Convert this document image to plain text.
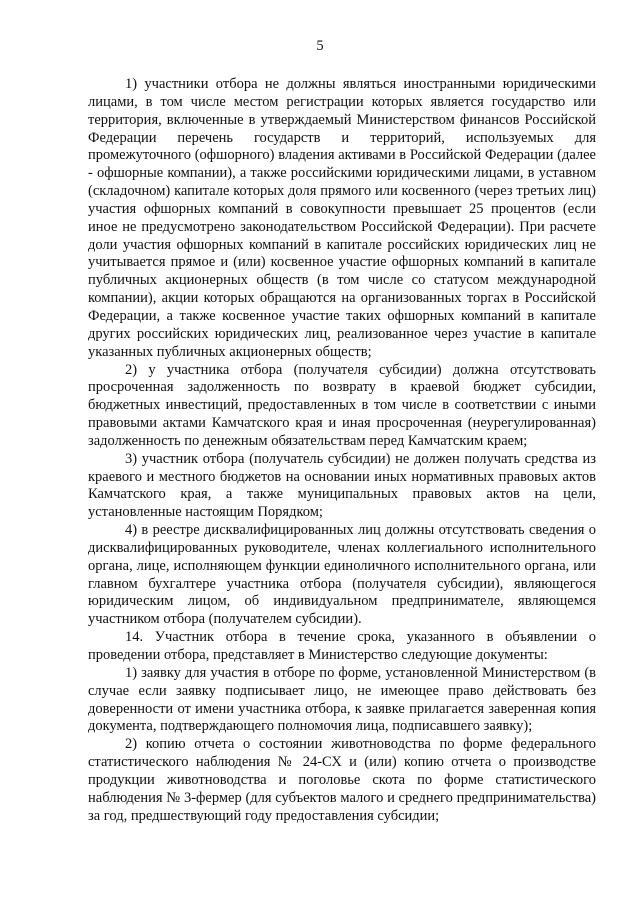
5

1) участники отбора не должны являться иностранными юридическими лицами, в том числе местом регистрации которых является государство или территория, включенные в утверждаемый Министерством финансов Российской Федерации перечень государств и территорий, используемых для промежуточного (офшорного) владения активами в Российской Федерации (далее - офшорные компании), а также российскими юридическими лицами, в уставном (складочном) капитале которых доля прямого или косвенного (через третьих лиц) участия офшорных компаний в совокупности превышает 25 процентов (если иное не предусмотрено законодательством Российской Федерации). При расчете доли участия офшорных компаний в капитале российских юридических лиц не учитывается прямое и (или) косвенное участие офшорных компаний в капитале публичных акционерных обществ (в том числе со статусом международной компании), акции которых обращаются на организованных торгах в Российской Федерации, а также косвенное участие таких офшорных компаний в капитале других российских юридических лиц, реализованное через участие в капитале указанных публичных акционерных обществ;

2) у участника отбора (получателя субсидии) должна отсутствовать просроченная задолженность по возврату в краевой бюджет субсидии, бюджетных инвестиций, предоставленных в том числе в соответствии с иными правовыми актами Камчатского края и иная просроченная (неурегулированная) задолженность по денежным обязательствам перед Камчатским краем;

3) участник отбора (получатель субсидии) не должен получать средства из краевого и местного бюджетов на основании иных нормативных правовых актов Камчатского края, а также муниципальных правовых актов на цели, установленные настоящим Порядком;

4) в реестре дисквалифицированных лиц должны отсутствовать сведения о дисквалифицированных руководителе, членах коллегиального исполнительного органа, лице, исполняющем функции единоличного исполнительного органа, или главном бухгалтере участника отбора (получателя субсидии), являющегося юридическим лицом, об индивидуальном предпринимателе, являющемся участником отбора (получателем субсидии).

14. Участник отбора в течение срока, указанного в объявлении о проведении отбора, представляет в Министерство следующие документы:

1) заявку для участия в отборе по форме, установленной Министерством (в случае если заявку подписывает лицо, не имеющее право действовать без доверенности от имени участника отбора, к заявке прилагается заверенная копия документа, подтверждающего полномочия лица, подписавшего заявку);

2) копию отчета о состоянии животноводства по форме федерального статистического наблюдения № 24-СХ и (или) копию отчета о производстве продукции животноводства и поголовье скота по форме статистического наблюдения № 3-фермер (для субъектов малого и среднего предпринимательства) за год, предшествующий году предоставления субсидии;
